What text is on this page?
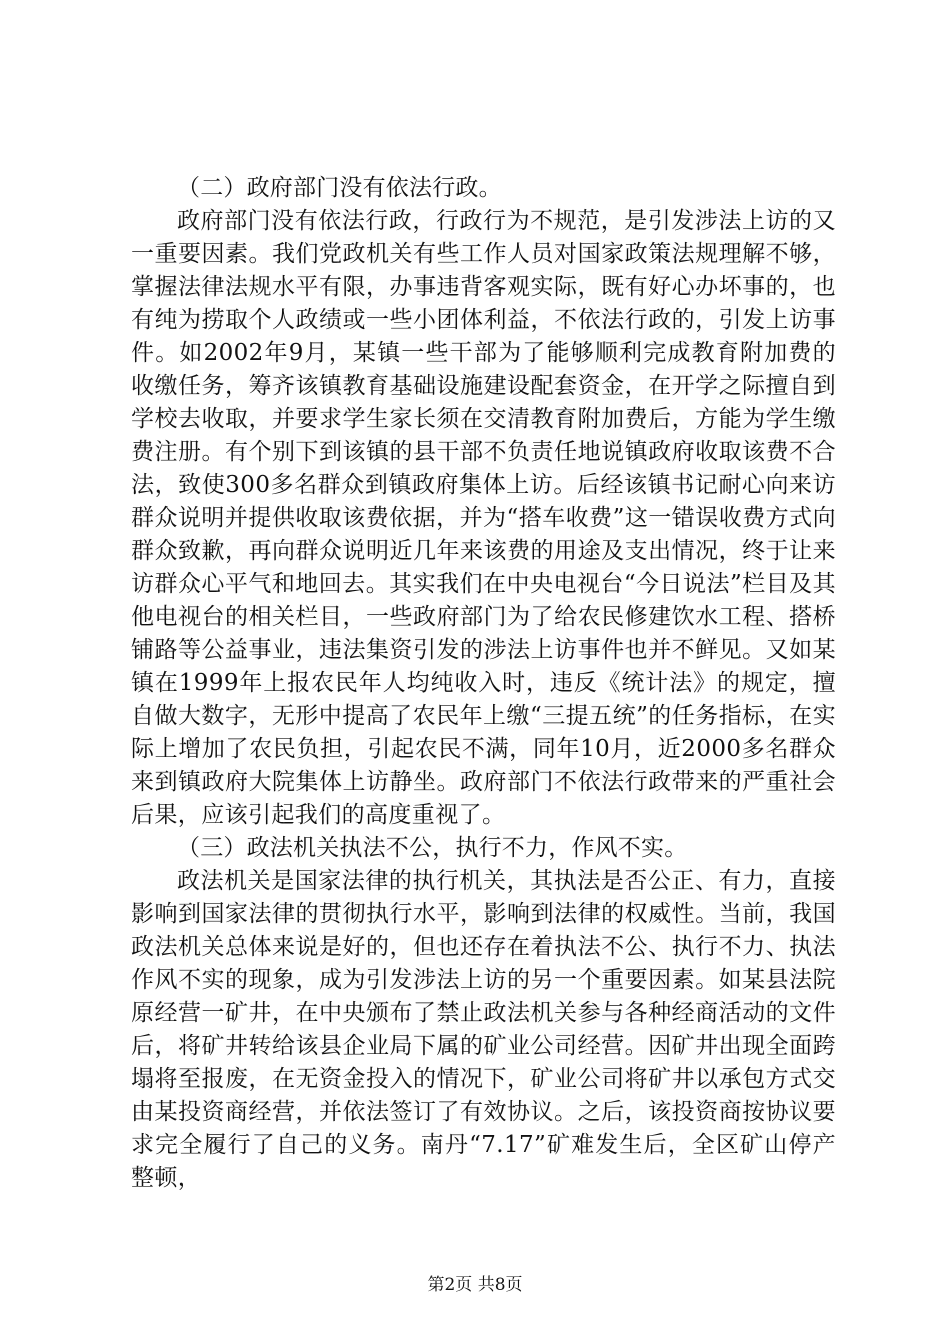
（二）政府部门没有依法行政。

政府部门没有依法行政，行政行为不规范，是引发涉法上访的又一重要因素。我们党政机关有些工作人员对国家政策法规理解不够，掌握法律法规水平有限，办事违背客观实际，既有好心办坏事的，也有纯为捞取个人政绩或一些小团体利益，不依法行政的，引发上访事件。如2002年9月，某镇一些干部为了能够顺利完成教育附加费的收缴任务，筹齐该镇教育基础设施建设配套资金，在开学之际擅自到学校去收取，并要求学生家长须在交清教育附加费后，方能为学生缴费注册。有个别下到该镇的县干部不负责任地说镇政府收取该费不合法，致使300多名群众到镇政府集体上访。后经该镇书记耐心向来访群众说明并提供收取该费依据，并为“搭车收费”这一错误收费方式向群众致歉，再向群众说明近几年来该费的用途及支出情况，终于让来访群众心平气和地回去。其实我们在中央电视台“今日说法”栏目及其他电视台的相关栏目，一些政府部门为了给农民修建饮水工程、搭桥铺路等公益事业，违法集资引发的涉法上访事件也并不鲜见。又如某镇在1999年上报农民年人均纯收入时，违反《统计法》的规定，擅自做大数字，无形中提高了农民年上缴“三提五统”的任务指标，在实际上增加了农民负担，引起农民不满，同年10月，近2000多名群众来到镇政府大院集体上访静坐。政府部门不依法行政带来的严重社会后果，应该引起我们的高度重视了。

（三）政法机关执法不公，执行不力，作风不实。

政法机关是国家法律的执行机关，其执法是否公正、有力，直接影响到国家法律的贯彻执行水平，影响到法律的权威性。当前，我国政法机关总体来说是好的，但也还存在着执法不公、执行不力、执法作风不实的现象，成为引发涉法上访的另一个重要因素。如某县法院原经营一矿井，在中央颁布了禁止政法机关参与各种经商活动的文件后，将矿井转给该县企业局下属的矿业公司经营。因矿井出现全面跨塌将至报废，在无资金投入的情况下，矿业公司将矿井以承包方式交由某投资商经营，并依法签订了有效协议。之后，该投资商按协议要求完全履行了自己的义务。南丹“7.17”矿难发生后，全区矿山停产整顿，

第2页 共8页
